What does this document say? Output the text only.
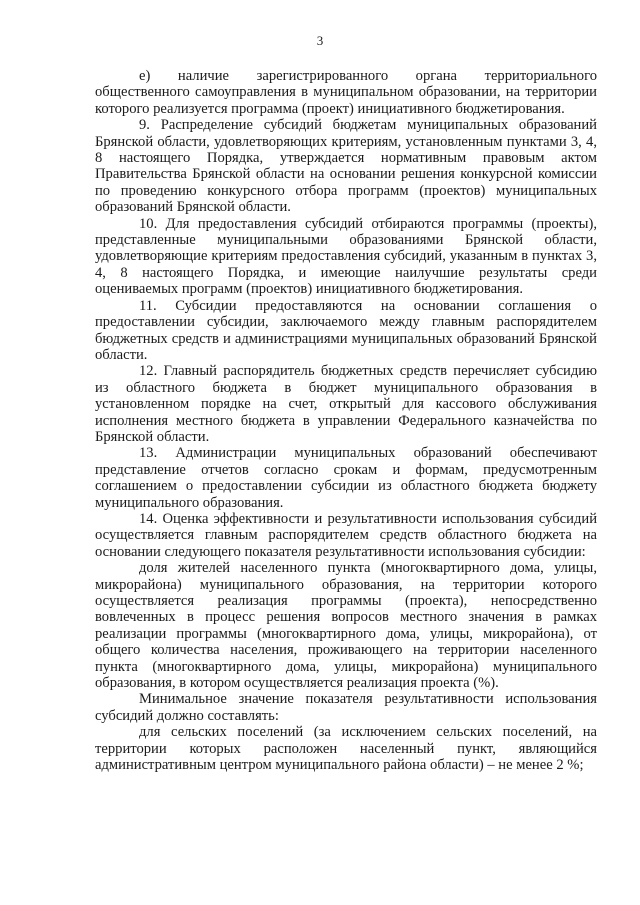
3

е) наличие зарегистрированного органа территориального общественного самоуправления в муниципальном образовании, на территории которого реализуется программа (проект) инициативного бюджетирования.

9. Распределение субсидий бюджетам муниципальных образований Брянской области, удовлетворяющих критериям, установленным пунктами 3, 4, 8 настоящего Порядка, утверждается нормативным правовым актом Правительства Брянской области на основании решения конкурсной комиссии по проведению конкурсного отбора программ (проектов) муниципальных образований Брянской области.

10. Для предоставления субсидий отбираются программы (проекты), представленные муниципальными образованиями Брянской области, удовлетворяющие критериям предоставления субсидий, указанным в пунктах 3, 4, 8 настоящего Порядка, и имеющие наилучшие результаты среди оцениваемых программ (проектов) инициативного бюджетирования.

11. Субсидии предоставляются на основании соглашения о предоставлении субсидии, заключаемого между главным распорядителем бюджетных средств и администрациями муниципальных образований Брянской области.

12. Главный распорядитель бюджетных средств перечисляет субсидию из областного бюджета в бюджет муниципального образования в установленном порядке на счет, открытый для кассового обслуживания исполнения местного бюджета в управлении Федерального казначейства по Брянской области.

13. Администрации муниципальных образований обеспечивают представление отчетов согласно срокам и формам, предусмотренным соглашением о предоставлении субсидии из областного бюджета бюджету муниципального образования.

14. Оценка эффективности и результативности использования субсидий осуществляется главным распорядителем средств областного бюджета на основании следующего показателя результативности использования субсидии:

доля жителей населенного пункта (многоквартирного дома, улицы, микрорайона) муниципального образования, на территории которого осуществляется реализация программы (проекта), непосредственно вовлеченных в процесс решения вопросов местного значения в рамках реализации программы (многоквартирного дома, улицы, микрорайона), от общего количества населения, проживающего на территории населенного пункта (многоквартирного дома, улицы, микрорайона) муниципального образования, в котором осуществляется реализация проекта (%).

Минимальное значение показателя результативности использования субсидий должно составлять:

для сельских поселений (за исключением сельских поселений, на территории которых расположен населенный пункт, являющийся административным центром муниципального района области) – не менее 2 %;
